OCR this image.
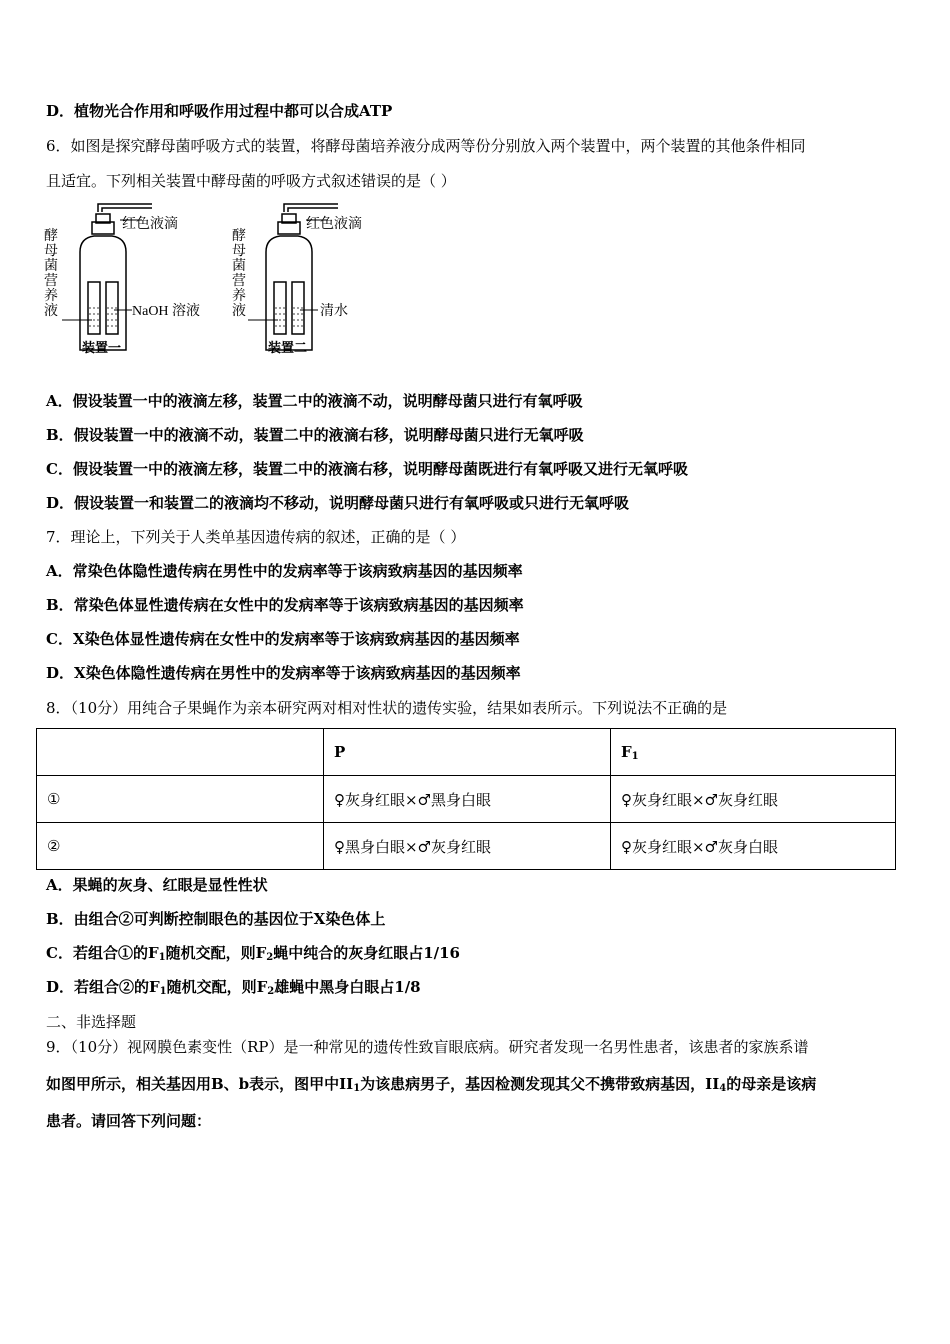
D．植物光合作用和呼吸作用过程中都可以合成ATP
6．如图是探究酵母菌呼吸方式的装置，将酵母菌培养液分成两等份分别放入两个装置中，两个装置的其他条件相同
且适宜。下列相关装置中酵母菌的呼吸方式叙述错误的是（ ）
酵 母 菌 营 养 液
红色液滴
NaOH 溶液
装置一
酵 母 菌 营 养 液
红色液滴
清水
装置二
A．假设装置一中的液滴左移，装置二中的液滴不动，说明酵母菌只进行有氧呼吸
B．假设装置一中的液滴不动，装置二中的液滴右移，说明酵母菌只进行无氧呼吸
C．假设装置一中的液滴左移，装置二中的液滴右移，说明酵母菌既进行有氧呼吸又进行无氧呼吸
D．假设装置一和装置二的液滴均不移动，说明酵母菌只进行有氧呼吸或只进行无氧呼吸
7．理论上，下列关于人类单基因遗传病的叙述，正确的是（ ）
A．常染色体隐性遗传病在男性中的发病率等于该病致病基因的基因频率
B．常染色体显性遗传病在女性中的发病率等于该病致病基因的基因频率
C．X染色体显性遗传病在女性中的发病率等于该病致病基因的基因频率
D．X染色体隐性遗传病在男性中的发病率等于该病致病基因的基因频率
8．（10分）用纯合子果蝇作为亲本研究两对相对性状的遗传实验，结果如表所示。下列说法不正确的是
	P	$F_1$
①	♀灰身红眼×♂黑身白眼	♀灰身红眼×♂灰身红眼
②	♀黑身白眼×♂灰身红眼	♀灰身红眼×♂灰身白眼
A．果蝇的灰身、红眼是显性性状
B．由组合②可判断控制眼色的基因位于X染色体上
C．若组合①的$F_1$随机交配，则$F_2$蝇中纯合的灰身红眼占1/16
D．若组合②的$F_1$随机交配，则$F_2$雄蝇中黑身白眼占1/8
二、非选择题
9．（10分）视网膜色素变性（RP）是一种常见的遗传性致盲眼底病。研究者发现一名男性患者，该患者的家族系谱
如图甲所示，相关基因用B、b表示，图甲中$II_1$为该患病男子，基因检测发现其父不携带致病基因，$II_4$的母亲是该病
患者。请回答下列问题：
